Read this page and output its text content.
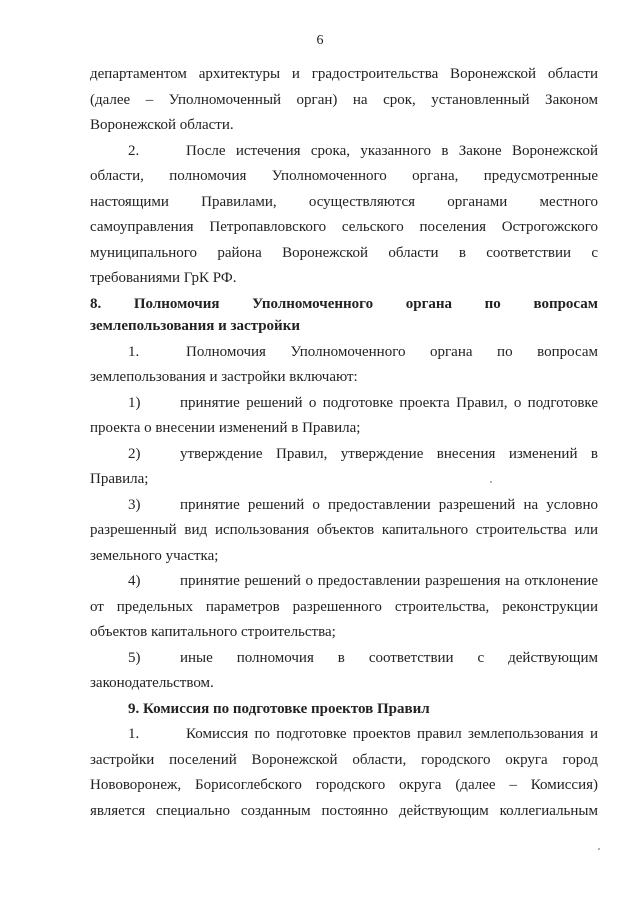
6

департаментом архитектуры и градостроительства Воронежской области

(далее – Уполномоченный орган) на срок, установленный Законом

Воронежской области.

2.	После истечения срока, указанного в Законе Воронежской

области, полномочия Уполномоченного органа, предусмотренные

настоящими Правилами, осуществляются органами местного

самоуправления Петропавловского сельского поселения Острогожского

муниципального района Воронежской области в соответствии с

требованиями ГрК РФ.

8. Полномочия Уполномоченного органа по вопросам

землепользования и застройки

1.	Полномочия Уполномоченного органа по вопросам

землепользования и застройки включают:

1)	принятие решений о подготовке проекта Правил, о подготовке

проекта о внесении изменений в Правила;

2)	утверждение Правил, утверждение внесения изменений в

Правила;

3)	принятие решений о предоставлении разрешений на условно

разрешенный вид использования объектов капитального строительства или

земельного участка;

4)	принятие решений о предоставлении разрешения на отклонение

от предельных параметров разрешенного строительства, реконструкции

объектов капитального строительства;

5)	иные полномочия в соответствии с действующим

законодательством.

9. Комиссия по подготовке проектов Правил

1.	Комиссия по подготовке проектов правил землепользования и

застройки поселений Воронежской области, городского округа город

Нововоронеж, Борисоглебского городского округа (далее – Комиссия)

является специально созданным постоянно действующим коллегиальным
